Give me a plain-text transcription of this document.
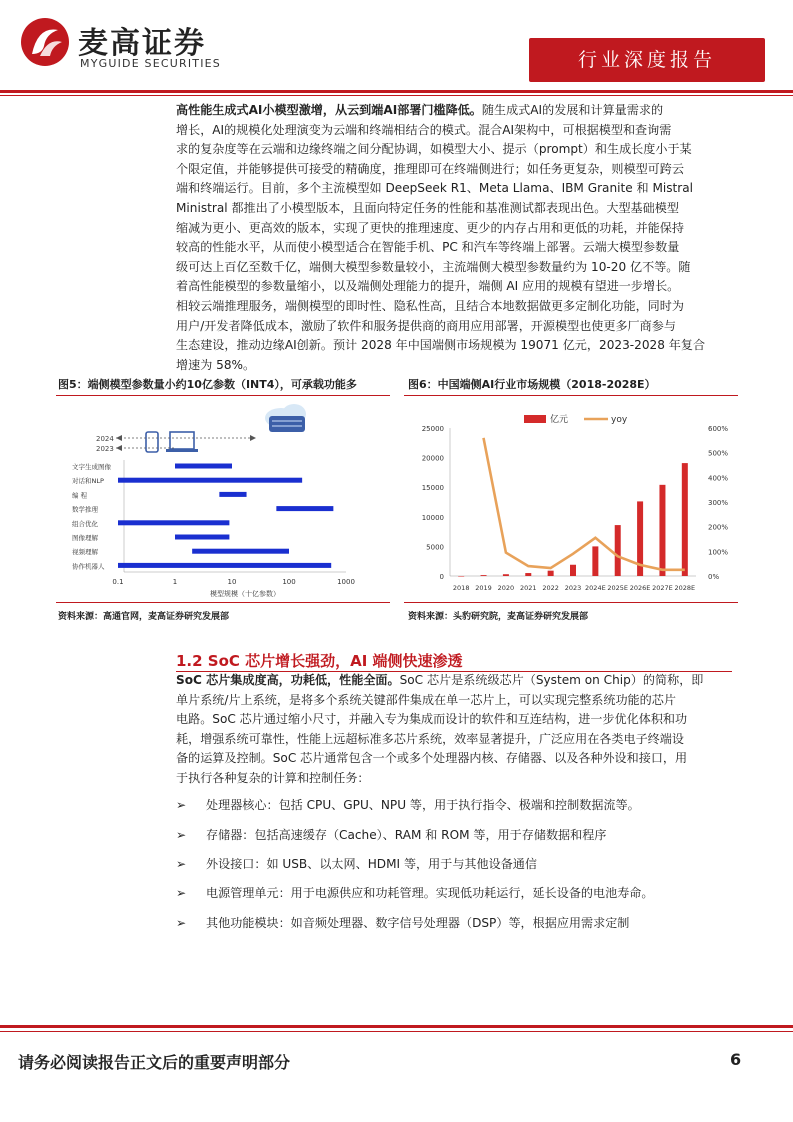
麦高证券
MYGUIDE SECURITIES	行业深度报告
高性能生成式AI小模型激增，从云到端AI部署门槛降低。随生成式AI的发展和计算量需求的
增长，AI的规模化处理演变为云端和终端相结合的模式。混合AI架构中，可根据模型和查询需
求的复杂度等在云端和边缘终端之间分配协调，如模型大小、提示（prompt）和生成长度小于某
个限定值，并能够提供可接受的精确度，推理即可在终端侧进行；如任务更复杂，则模型可跨云
端和终端运行。目前，多个主流模型如 DeepSeek R1、Meta Llama、IBM Granite 和 Mistral
Ministral 都推出了小模型版本，且面向特定任务的性能和基准测试都表现出色。大型基础模型
缩减为更小、更高效的版本，实现了更快的推理速度、更少的内存占用和更低的功耗，并能保持
较高的性能水平，从而使小模型适合在智能手机、PC 和汽车等终端上部署。云端大模型参数量
级可达上百亿至数千亿，端侧大模型参数量较小，主流端侧大模型参数量约为 10-20 亿不等。随
着高性能模型的参数量缩小，以及端侧处理能力的提升，端侧 AI 应用的规模有望进一步增长。
相较云端推理服务，端侧模型的即时性、隐私性高，且结合本地数据做更多定制化功能，同时为
用户/开发者降低成本，激励了软件和服务提供商的商用应用部署，开源模型也使更多厂商参与
生态建设，推动边缘AI创新。预计 2028 年中国端侧市场规模为 19071 亿元，2023-2028 年复合
增速为 58%。
图5：端侧模型参数量小约10亿参数（INT4），可承载功能多	图6：中国端侧AI行业市场规模（2018-2028E）
2024
2023
文字生成图像
对话和NLP
编 程
数学推理
组合优化
图像理解
视频理解
协作机器人
0.1	1	10	100	1000
模型规模（十亿参数）
亿元	yoy
2018 2019 2020 2021 2022 2023 2024E 2025E 2026E 2027E 2028E
0
5000
10000
15000
20000
25000
0%
100%
200%
300%
400%
500%
600%
资料来源：高通官网，麦高证券研究发展部	资料来源：头豹研究院，麦高证券研究发展部
1.2 SoC 芯片增长强劲，AI 端侧快速渗透
SoC 芯片集成度高，功耗低，性能全面。SoC 芯片是系统级芯片（System on Chip）的简称，即
单片系统/片上系统，是将多个系统关键部件集成在单一芯片上，可以实现完整系统功能的芯片
电路。SoC 芯片通过缩小尺寸，并融入专为集成而设计的软件和互连结构，进一步优化体积和功
耗，增强系统可靠性，性能上远超标准多芯片系统，效率显著提升，广泛应用在各类电子终端设
备的运算及控制。SoC 芯片通常包含一个或多个处理器内核、存储器、以及各种外设和接口，用
于执行各种复杂的计算和控制任务：
➢ 处理器核心：包括 CPU、GPU、NPU 等，用于执行指令、极端和控制数据流等。
➢ 存储器：包括高速缓存（Cache）、RAM 和 ROM 等，用于存储数据和程序
➢ 外设接口：如 USB、以太网、HDMI 等，用于与其他设备通信
➢ 电源管理单元：用于电源供应和功耗管理。实现低功耗运行，延长设备的电池寿命。
➢ 其他功能模块：如音频处理器、数字信号处理器（DSP）等，根据应用需求定制
请务必阅读报告正文后的重要声明部分	6
